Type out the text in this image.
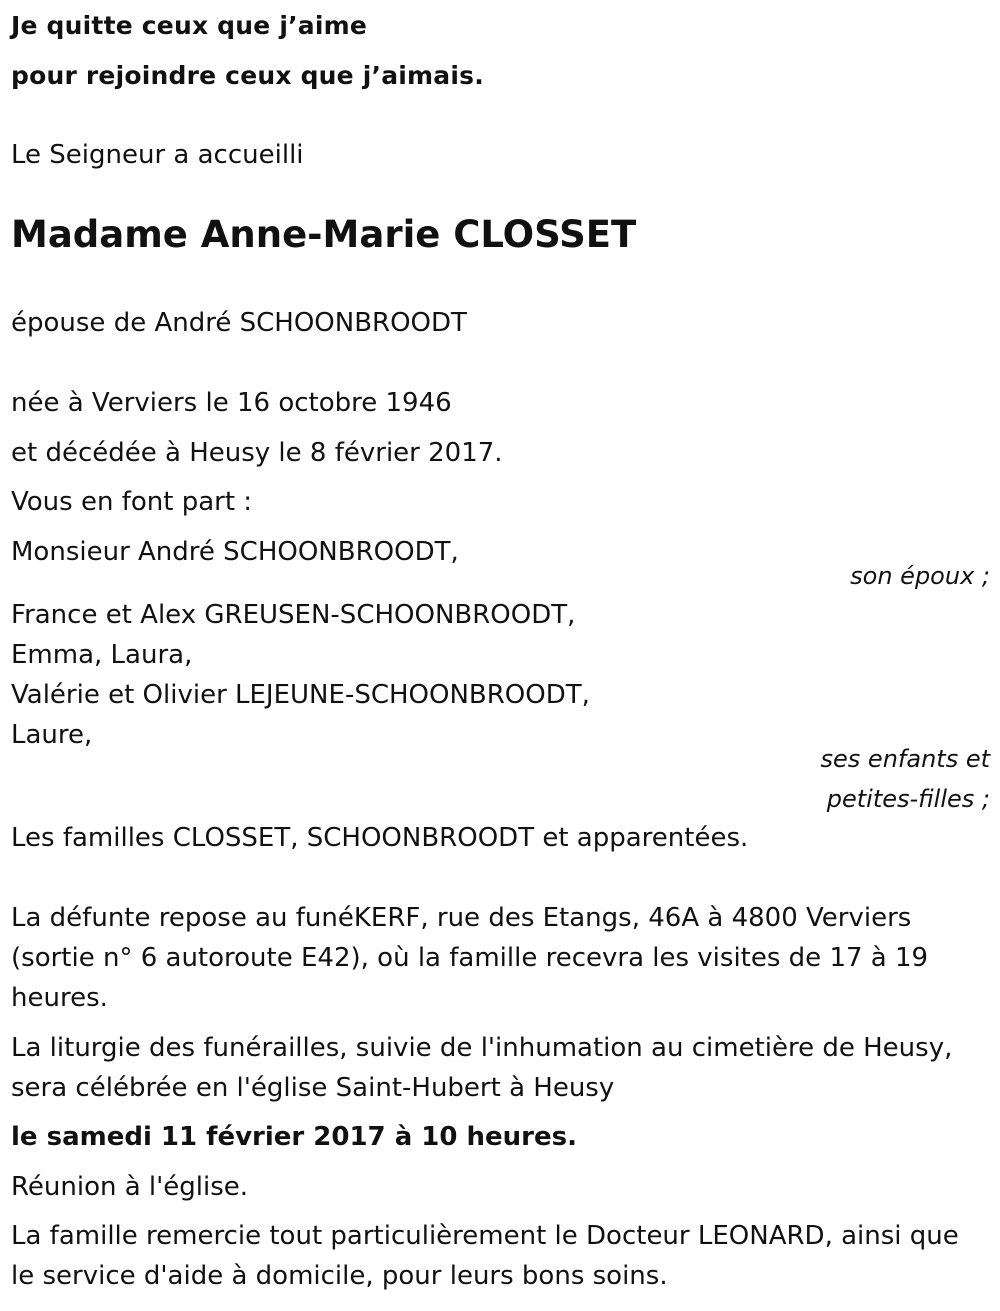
Je quitte ceux que j’aime
pour rejoindre ceux que j’aimais.
Le Seigneur a accueilli
Madame Anne-Marie CLOSSET
épouse de André SCHOONBROODT
née à Verviers le 16 octobre 1946
et décédée à Heusy le 8 février 2017.
Vous en font part :
Monsieur André SCHOONBROODT,
son époux ;
France et Alex GREUSEN-SCHOONBROODT,
Emma, Laura,
Valérie et Olivier LEJEUNE-SCHOONBROODT,
Laure,
ses enfants et
petites-filles ;
Les familles CLOSSET, SCHOONBROODT et apparentées.
La défunte repose au funéKERF, rue des Etangs, 46A à 4800 Verviers (sortie n° 6 autoroute E42), où la famille recevra les visites de 17 à 19 heures.
La liturgie des funérailles, suivie de l'inhumation au cimetière de Heusy, sera célébrée en l'église Saint-Hubert à Heusy
le samedi 11 février 2017 à 10 heures.
Réunion à l'église.
La famille remercie tout particulièrement le Docteur LEONARD, ainsi que le service d'aide à domicile, pour leurs bons soins.
